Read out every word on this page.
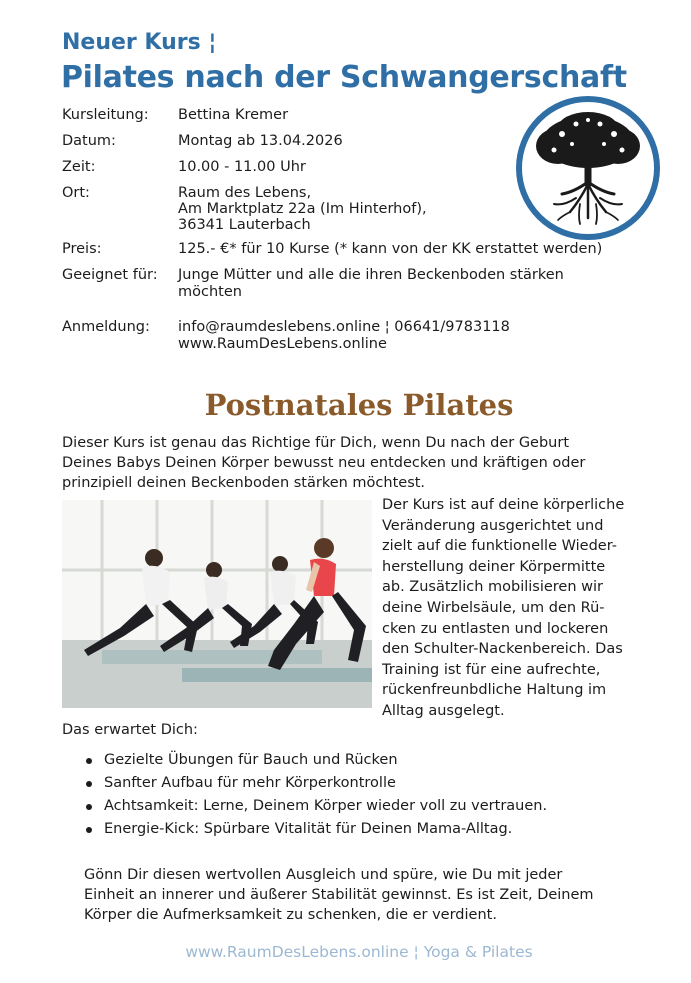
Neuer Kurs ¦
Pilates nach der Schwangerschaft
Kursleitung:	Bettina Kremer
Datum:	Montag ab 13.04.2026
Zeit:	10.00 - 11.00 Uhr
Ort:	Raum des Lebens,
Am Marktplatz 22a (Im Hinterhof),
36341 Lauterbach
Preis:	125.- €* für 10 Kurse (* kann von der KK erstattet werden)
Geeignet für:	Junge Mütter und alle die ihren Beckenboden stärken
möchten
Anmeldung:	info@raumdeslebens.online ¦ 06641/9783118
www.RaumDesLebens.online
Postnatales Pilates
Dieser Kurs ist genau das Richtige für Dich, wenn Du nach der Geburt
Deines Babys Deinen Körper bewusst neu entdecken und kräftigen oder
prinzipiell deinen Beckenboden stärken möchtest.
Der Kurs ist auf deine körperliche
Veränderung ausgerichtet und
zielt auf die funktionelle Wieder-
herstellung deiner Körpermitte
ab. Zusätzlich mobilisieren wir
deine Wirbelsäule, um den Rü-
cken zu entlasten und lockeren
den Schulter-Nackenbereich. Das
Training ist für eine aufrechte,
rückenfreunbdliche Haltung im
Alltag ausgelegt.
Das erwartet Dich:
Gezielte Übungen für Bauch und Rücken
Sanfter Aufbau für mehr Körperkontrolle
Achtsamkeit: Lerne, Deinem Körper wieder voll zu vertrauen.
Energie-Kick: Spürbare Vitalität für Deinen Mama-Alltag.
Gönn Dir diesen wertvollen Ausgleich und spüre, wie Du mit jeder
Einheit an innerer und äußerer Stabilität gewinnst. Es ist Zeit, Deinem
Körper die Aufmerksamkeit zu schenken, die er verdient.
www.RaumDesLebens.online ¦ Yoga & Pilates
